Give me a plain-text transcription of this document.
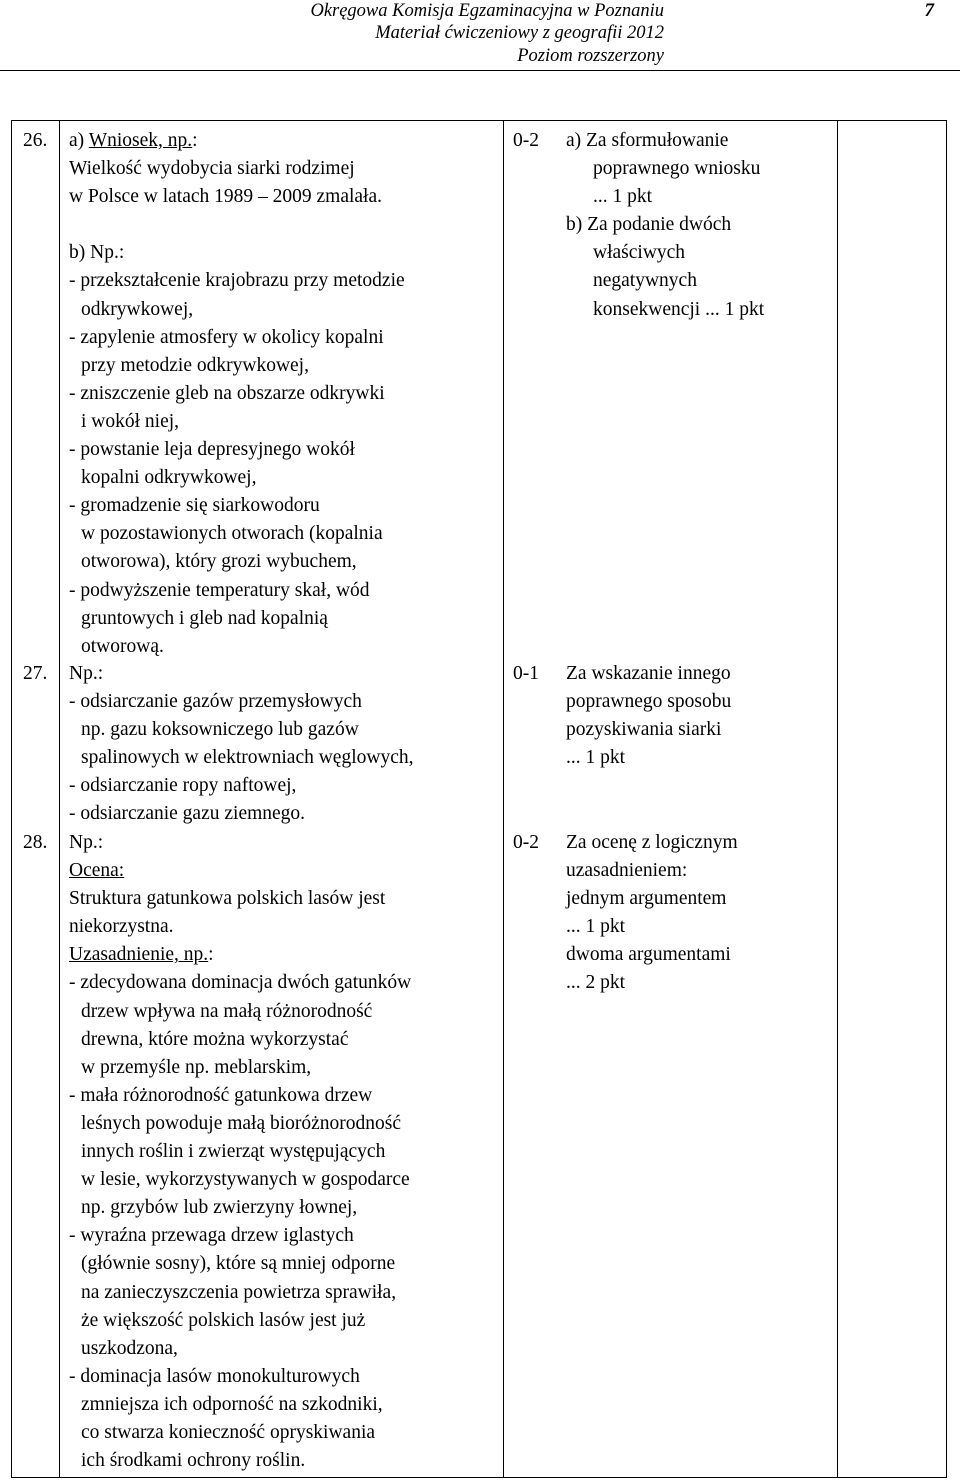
Okręgowa Komisja Egzaminacyjna w Poznaniu
Materiał ćwiczeniowy z geografii 2012
Poziom rozszerzony
7
26. a) Wniosek, np.:
Wielkość wydobycia siarki rodzimej
w Polsce w latach 1989 – 2009 zmalała.
b) Np.:
- przekształcenie krajobrazu przy metodzie
odkrywkowej,
- zapylenie atmosfery w okolicy kopalni
przy metodzie odkrywkowej,
- zniszczenie gleb na obszarze odkrywki
i wokół niej,
- powstanie leja depresyjnego wokół
kopalni odkrywkowej,
- gromadzenie się siarkowodoru
w pozostawionych otworach (kopalnia
otworowa), który grozi wybuchem,
- podwyższenie temperatury skał, wód
gruntowych i gleb nad kopalnią
otworową.
0-2 a) Za sformułowanie
poprawnego wniosku
... 1 pkt
b) Za podanie dwóch
właściwych
negatywnych
konsekwencji ... 1 pkt
27. Np.:
- odsiarczanie gazów przemysłowych
np. gazu koksowniczego lub gazów
spalinowych w elektrowniach węglowych,
- odsiarczanie ropy naftowej,
- odsiarczanie gazu ziemnego.
0-1 Za wskazanie innego
poprawnego sposobu
pozyskiwania siarki
... 1 pkt
28. Np.:
Ocena:
Struktura gatunkowa polskich lasów jest
niekorzystna.
Uzasadnienie, np.:
- zdecydowana dominacja dwóch gatunków
drzew wpływa na małą różnorodność
drewna, które można wykorzystać
w przemyśle np. meblarskim,
- mała różnorodność gatunkowa drzew
leśnych powoduje małą bioróżnorodność
innych roślin i zwierząt występujących
w lesie, wykorzystywanych w gospodarce
np. grzybów lub zwierzyny łownej,
- wyraźna przewaga drzew iglastych
(głównie sosny), które są mniej odporne
na zanieczyszczenia powietrza sprawiła,
że większość polskich lasów jest już
uszkodzona,
- dominacja lasów monokulturowych
zmniejsza ich odporność na szkodniki,
co stwarza konieczność opryskiwania
ich środkami ochrony roślin.
0-2 Za ocenę z logicznym
uzasadnieniem:
jednym argumentem
... 1 pkt
dwoma argumentami
... 2 pkt
